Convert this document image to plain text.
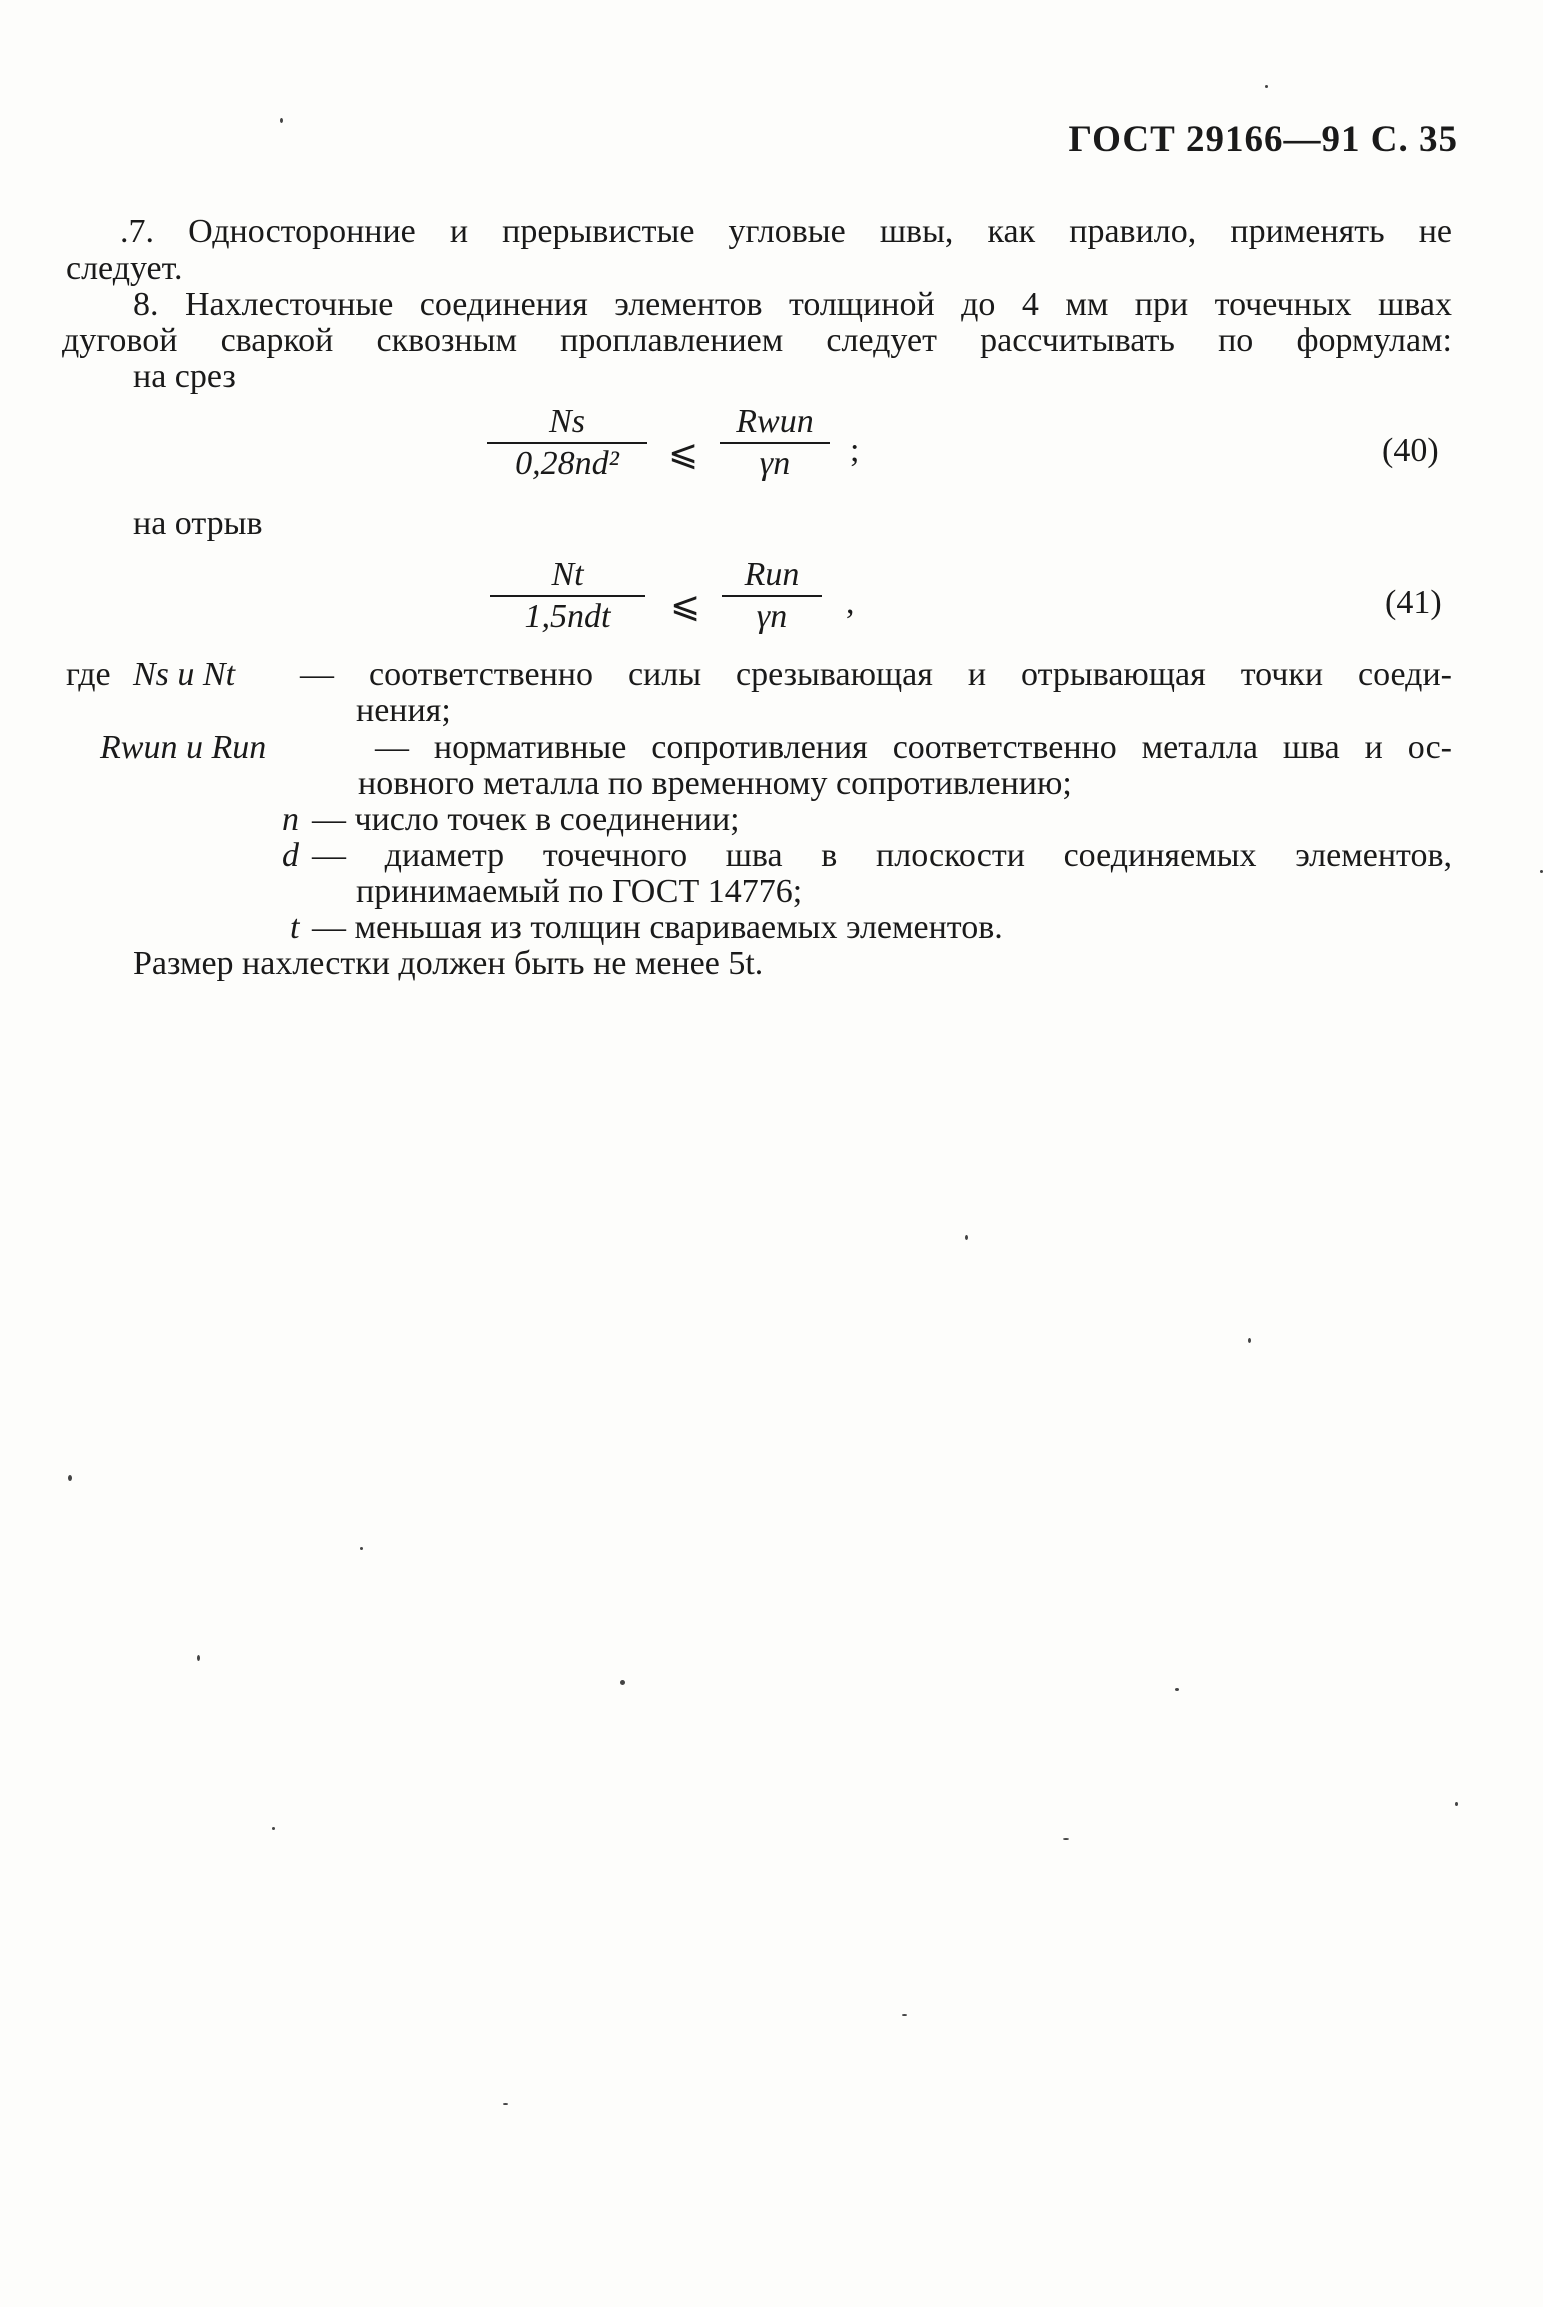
ГОСТ 29166—91 С. 35
.7. Односторонние и прерывистые угловые швы, как правило, применять не
следует.
8. Нахлесточные соединения элементов толщиной до 4 мм при точечных швах
дуговой сваркой сквозным проплавлением следует рассчитывать по формулам:
на срез
Ns
0,28nd²	⩽
Rwun
γn	;	(40)
на отрыв
Nt
1,5ndt	⩽
Run
γn	,	(41)
где Ns и Nt — соответственно силы срезывающая и отрывающая точки соеди-
нения;
Rwun и Run	— нормативные сопротивления соответственно металла шва и ос-
новного металла по временному сопротивлению;
n — число точек в соединении;
d — диаметр точечного шва в плоскости соединяемых элементов,
принимаемый по ГОСТ 14776;
t — меньшая из толщин свариваемых элементов.
Размер нахлестки должен быть не менее 5t.
